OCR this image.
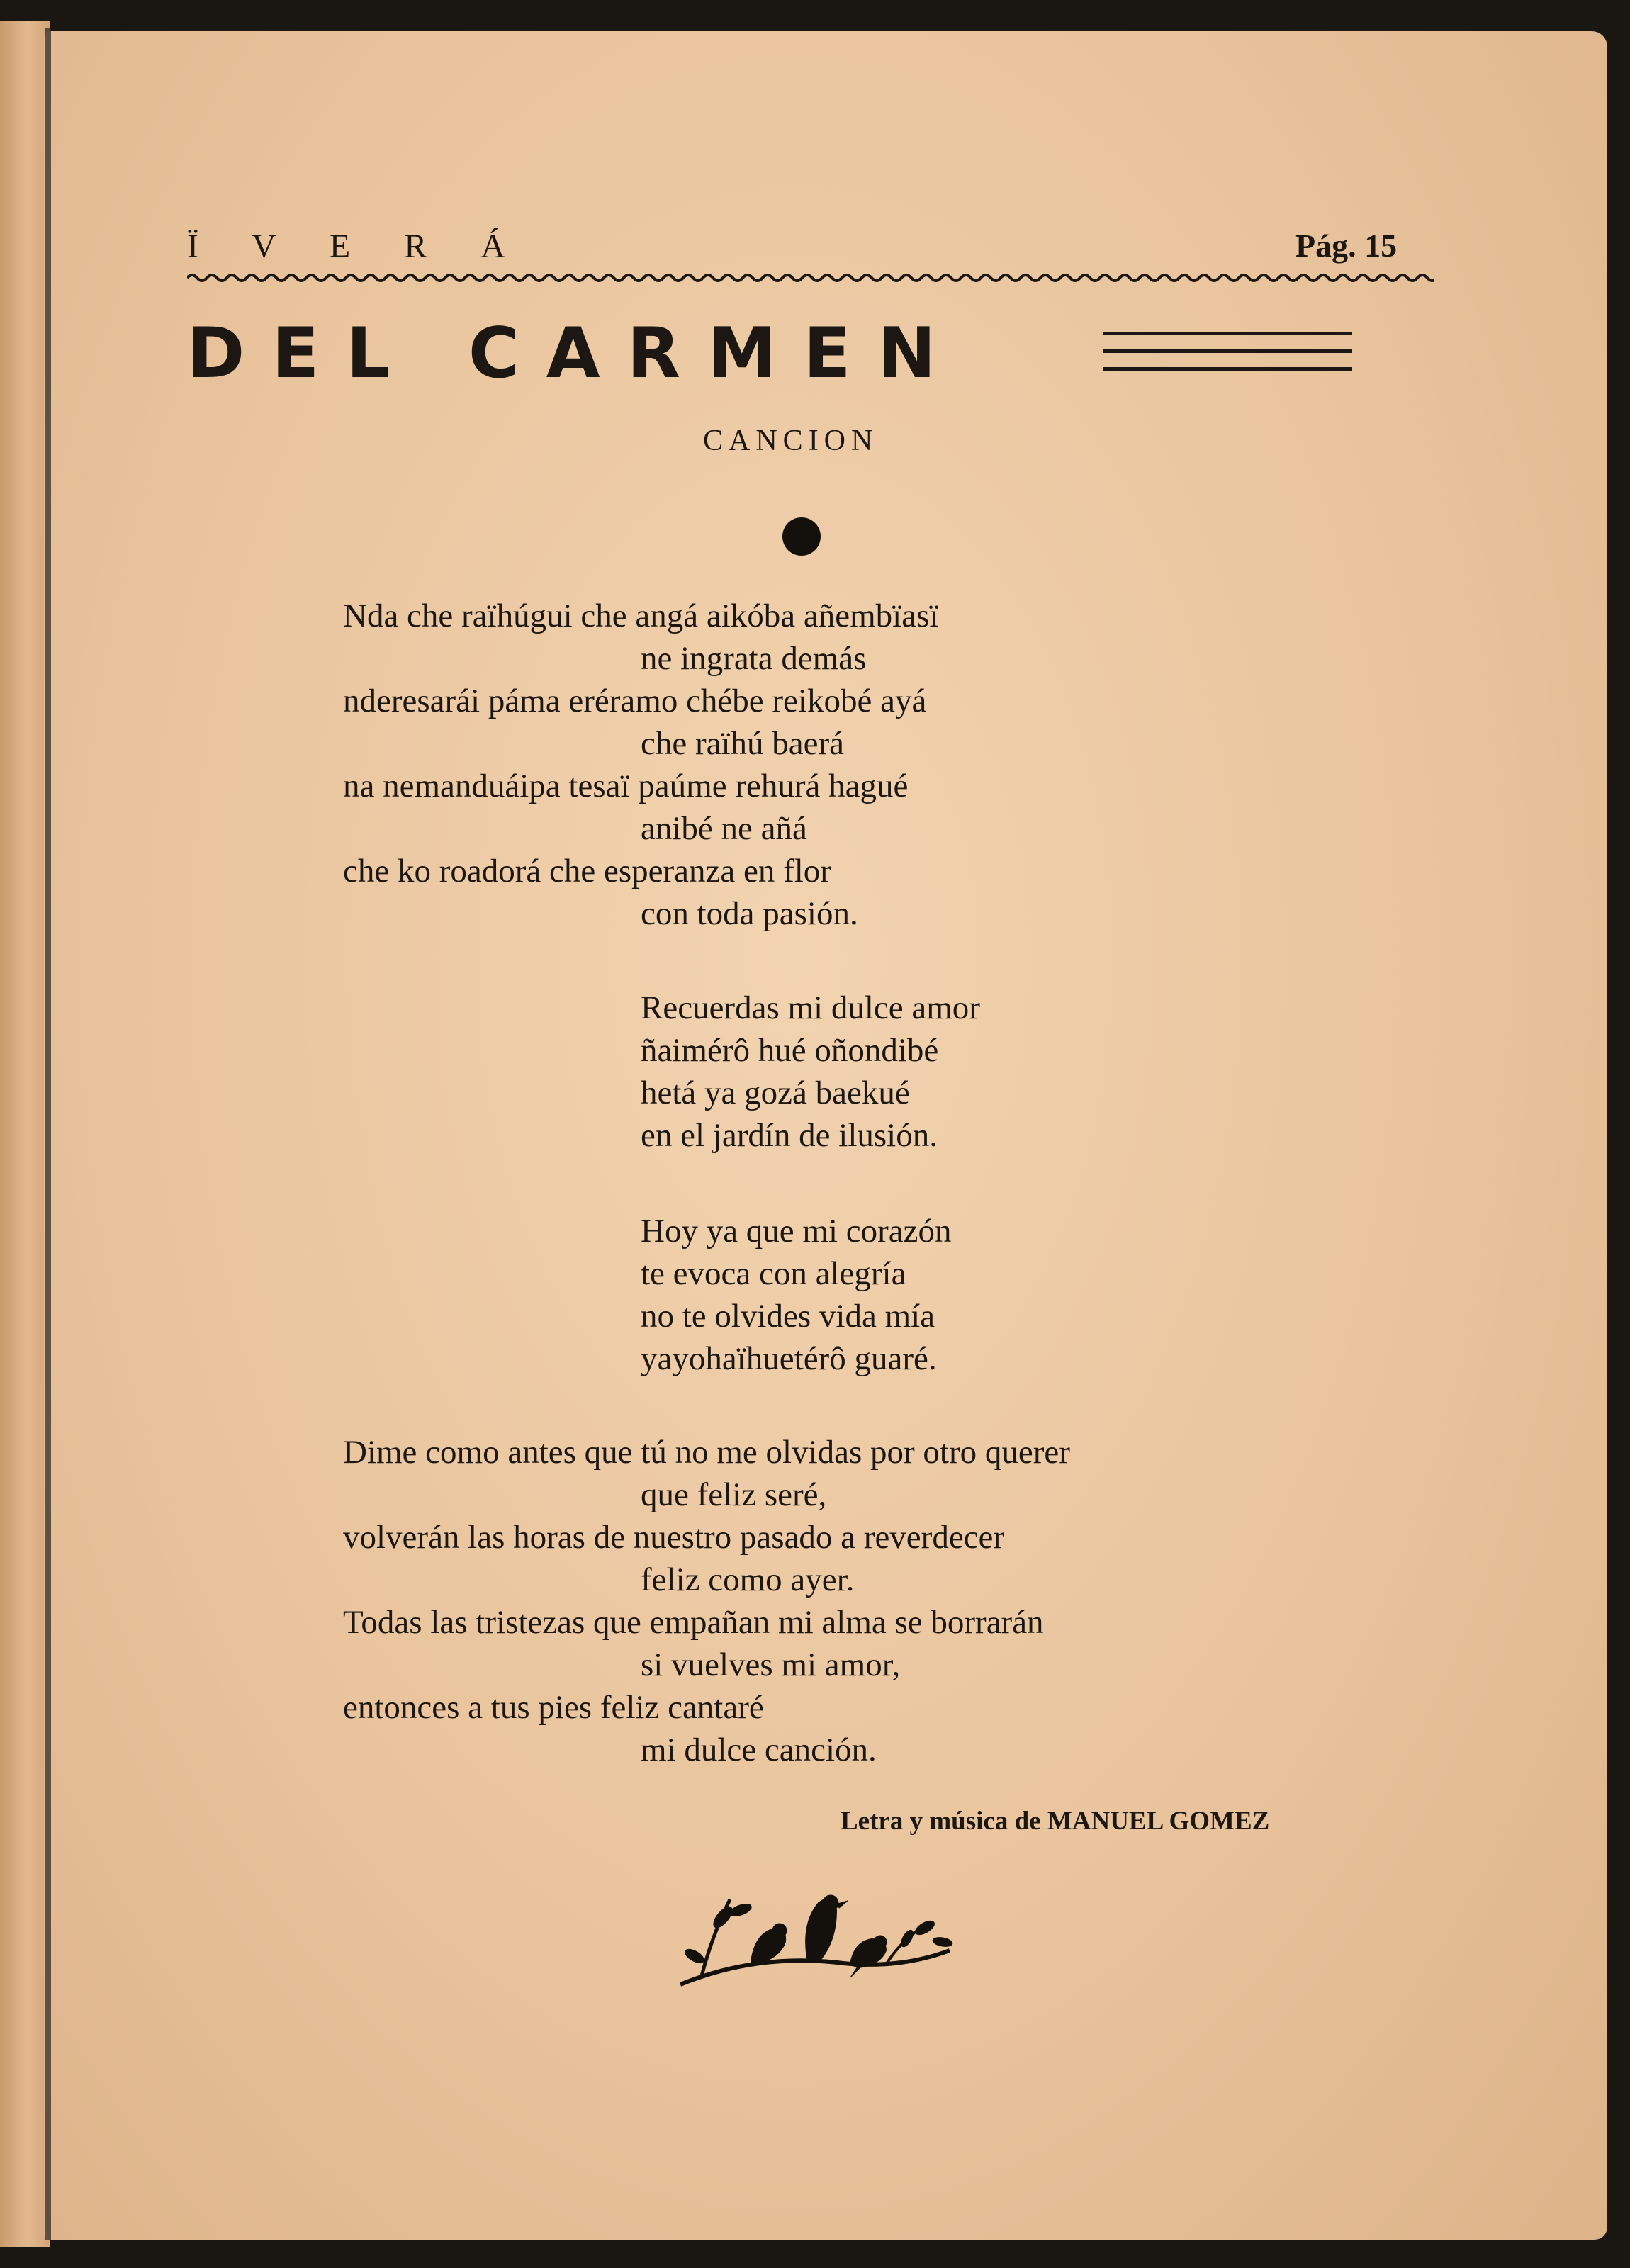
Ï V E R Á	Pág. 15
DEL CARMEN
CANCION
Nda che raïhúgui che angá aikóba añembïasï
ne ingrata demás
nderesarái páma eréramo chébe reikobé ayá
che raïhú baerá
na nemanduáipa tesaï paúme rehurá hagué
anibé ne añá
che ko roadorá che esperanza en flor
con toda pasión.
Recuerdas mi dulce amor
ñaimérô hué oñondibé
hetá ya gozá baekué
en el jardín de ilusión.
Hoy ya que mi corazón
te evoca con alegría
no te olvides vida mía
yayohaïhuetérô guaré.
Dime como antes que tú no me olvidas por otro querer
que feliz seré,
volverán las horas de nuestro pasado a reverdecer
feliz como ayer.
Todas las tristezas que empañan mi alma se borrarán
si vuelves mi amor,
entonces a tus pies feliz cantaré
mi dulce canción.
Letra y música de MANUEL GOMEZ
